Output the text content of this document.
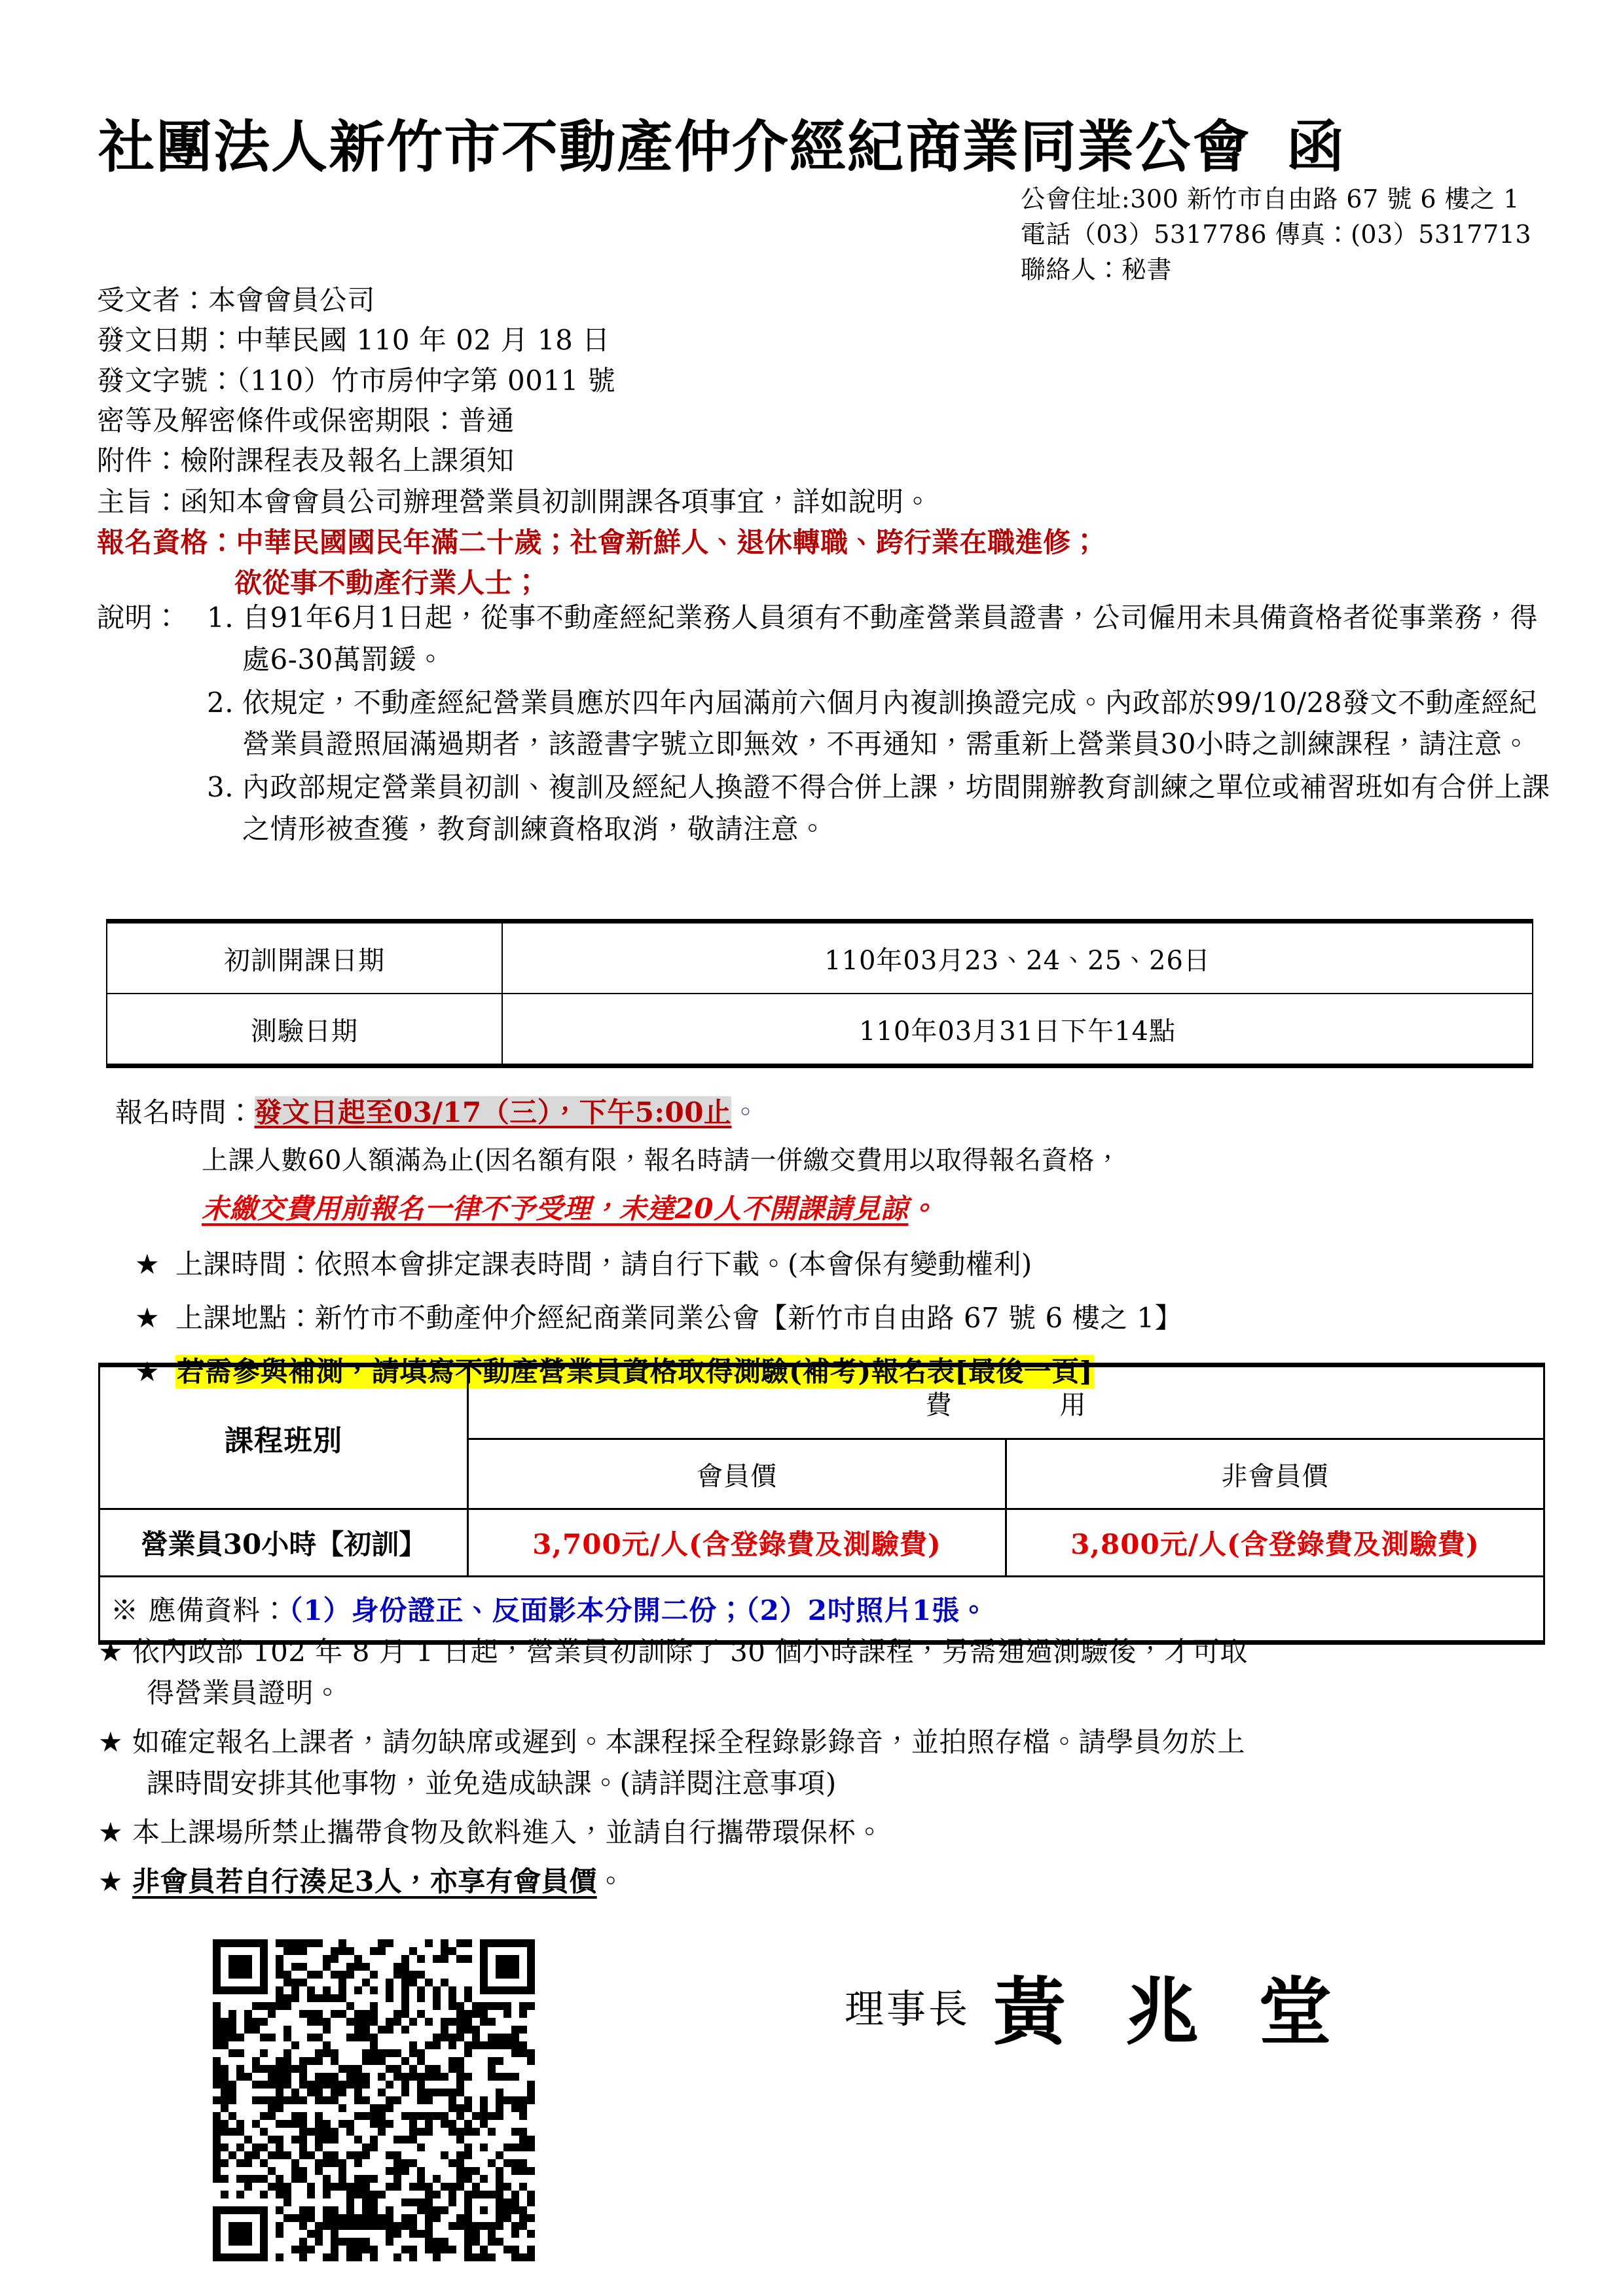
社團法人新竹市不動產仲介經紀商業同業公會 函
公會住址:300 新竹市自由路 67 號 6 樓之 1
電話（03）5317786 傳真：(03）5317713
聯絡人：秘書
受文者：本會會員公司
發文日期：中華民國 110 年 02 月 18 日
發文字號：（110）竹市房仲字第 0011 號
密等及解密條件或保密期限：普通
附件：檢附課程表及報名上課須知
主旨：函知本會會員公司辦理營業員初訓開課各項事宜，詳如說明。
報名資格：中華民國國民年滿二十歲；社會新鮮人、退休轉職、跨行業在職進修；
欲從事不動產行業人士；
說明： 1. 自91年6月1日起，從事不動產經紀業務人員須有不動產營業員證書，公司僱用未具備資格者從事業務，得處6-30萬罰鍰。
2. 依規定，不動產經紀營業員應於四年內屆滿前六個月內複訓換證完成。內政部於99/10/28發文不動產經紀營業員證照屆滿過期者，該證書字號立即無效，不再通知，需重新上營業員30小時之訓練課程，請注意。
3. 內政部規定營業員初訓、複訓及經紀人換證不得合併上課，坊間開辦教育訓練之單位或補習班如有合併上課之情形被查獲，教育訓練資格取消，敬請注意。
初訓開課日期	110年03月23、24、25、26日
測驗日期	110年03月31日下午14點
報名時間：發文日起至03/17（三），下午5:00止。
上課人數60人額滿為止(因名額有限，報名時請一併繳交費用以取得報名資格，
未繳交費用前報名一律不予受理，未達20人不開課請見諒。
★ 上課時間：依照本會排定課表時間，請自行下載。(本會保有變動權利)
★ 上課地點：新竹市不動產仲介經紀商業同業公會【新竹市自由路 67 號 6 樓之 1】
★ 若需參與補測，請填寫不動產營業員資格取得測驗(補考)報名表[最後一頁]
課程班別	費　　　　用	
	會員價	非會員價
營業員30小時【初訓】	3,700元/人(含登錄費及測驗費)	3,800元/人(含登錄費及測驗費)
※ 應備資料：（1）身份證正、反面影本分開二份；（2）2吋照片1張。		
★ 依內政部 102 年 8 月 1 日起，營業員初訓除了 30 個小時課程，另需通過測驗後，才可取
得營業員證明。
★ 如確定報名上課者，請勿缺席或遲到。本課程採全程錄影錄音，並拍照存檔。請學員勿於上
課時間安排其他事物，並免造成缺課。(請詳閱注意事項)
★ 本上課場所禁止攜帶食物及飲料進入，並請自行攜帶環保杯。
★ 非會員若自行湊足3人，亦享有會員價。
理事長 黃 兆 堂
